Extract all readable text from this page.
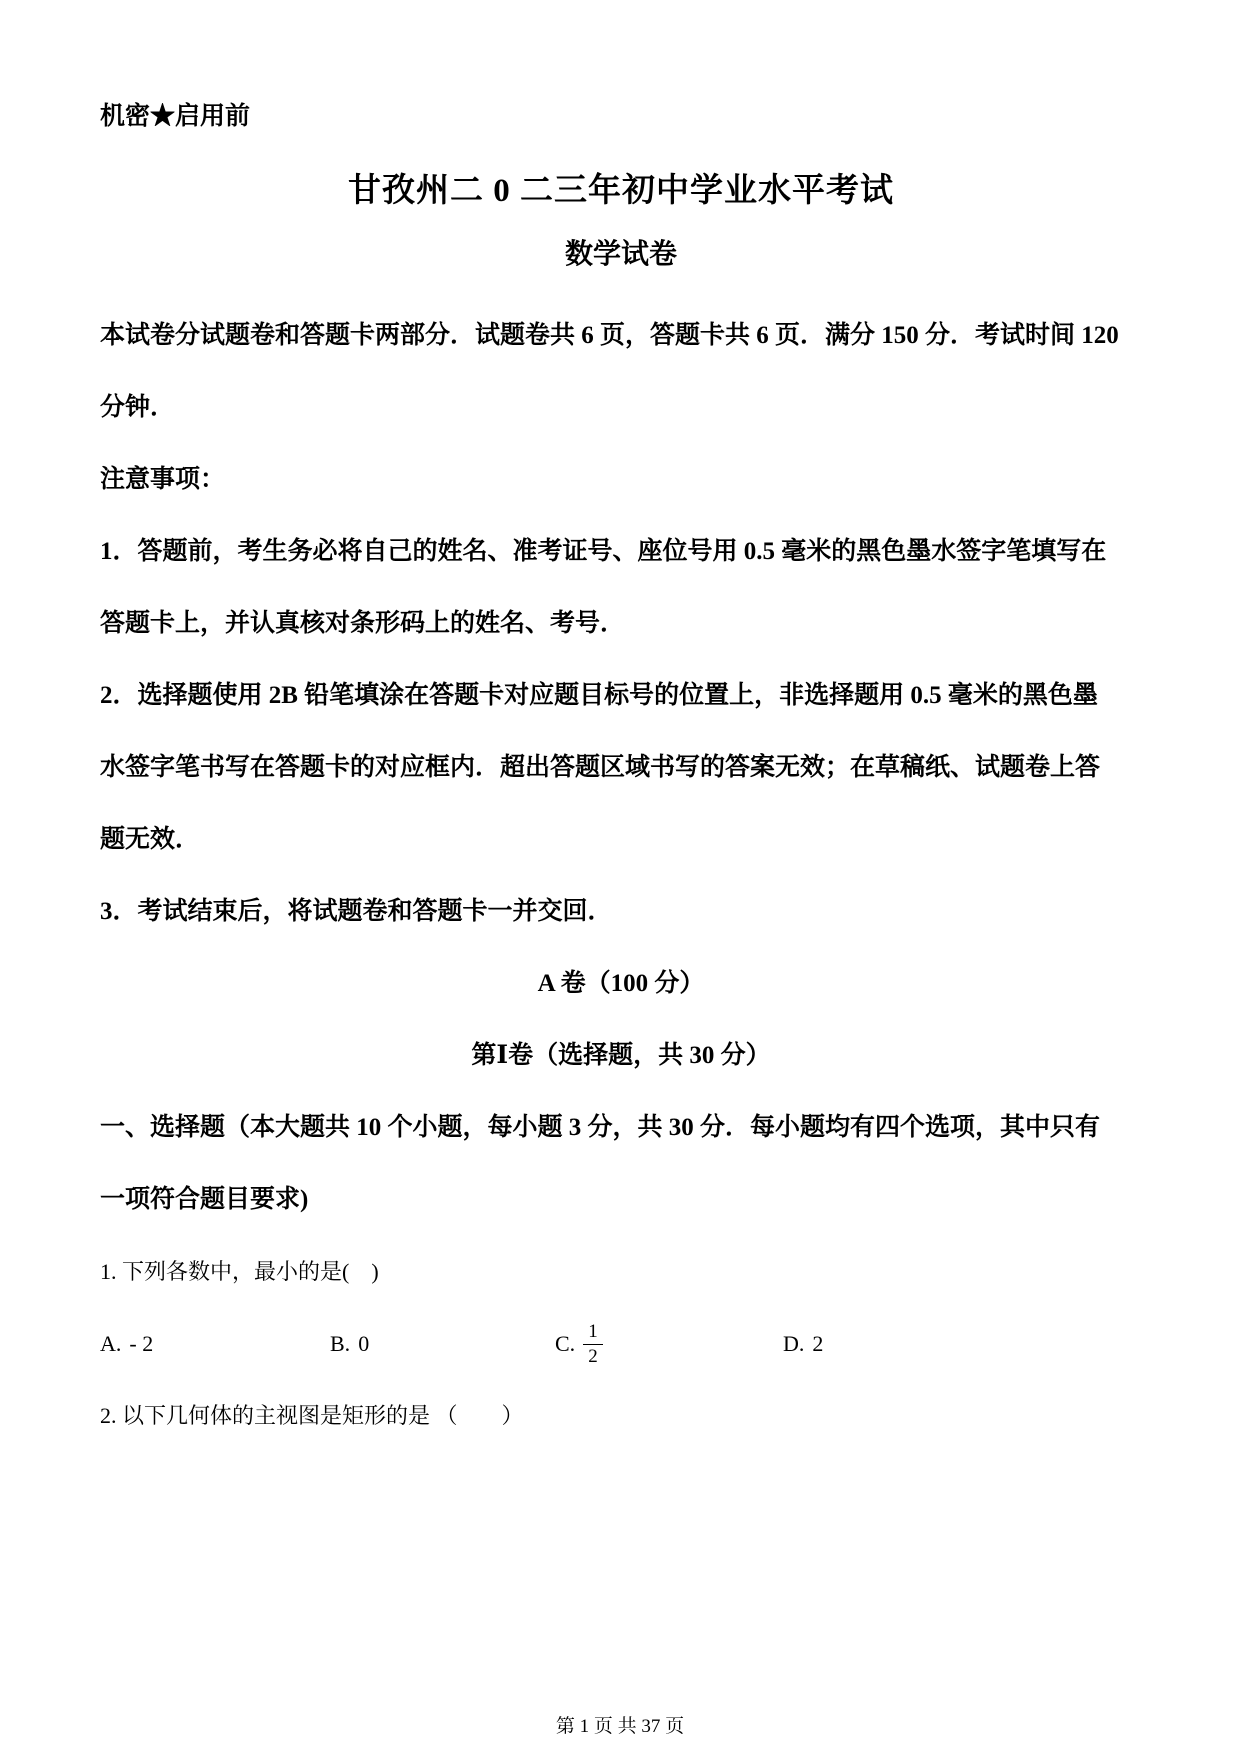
机密★启用前
甘孜州二 0 二三年初中学业水平考试
数学试卷
本试卷分试题卷和答题卡两部分．试题卷共 6 页，答题卡共 6 页．满分 150 分．考试时间 120
分钟．
注意事项：
1．答题前，考生务必将自己的姓名、准考证号、座位号用 0.5 毫米的黑色墨水签字笔填写在
答题卡上，并认真核对条形码上的姓名、考号．
2．选择题使用 2B 铅笔填涂在答题卡对应题目标号的位置上，非选择题用 0.5 毫米的黑色墨
水签字笔书写在答题卡的对应框内．超出答题区域书写的答案无效；在草稿纸、试题卷上答
题无效．
3．考试结束后，将试题卷和答题卡一并交回．
A 卷（100 分）
第Ⅰ卷（选择题，共 30 分）
一、选择题（本大题共 10 个小题，每小题 3 分，共 30 分．每小题均有四个选项，其中只有
一项符合题目要求)
1. 下列各数中，最小的是(　)
A. - 2	B. 0	C. $\frac{1}{2}$	D. 2
2. 以下几何体的主视图是矩形的是 （　　）
第 1 页 共 37 页
